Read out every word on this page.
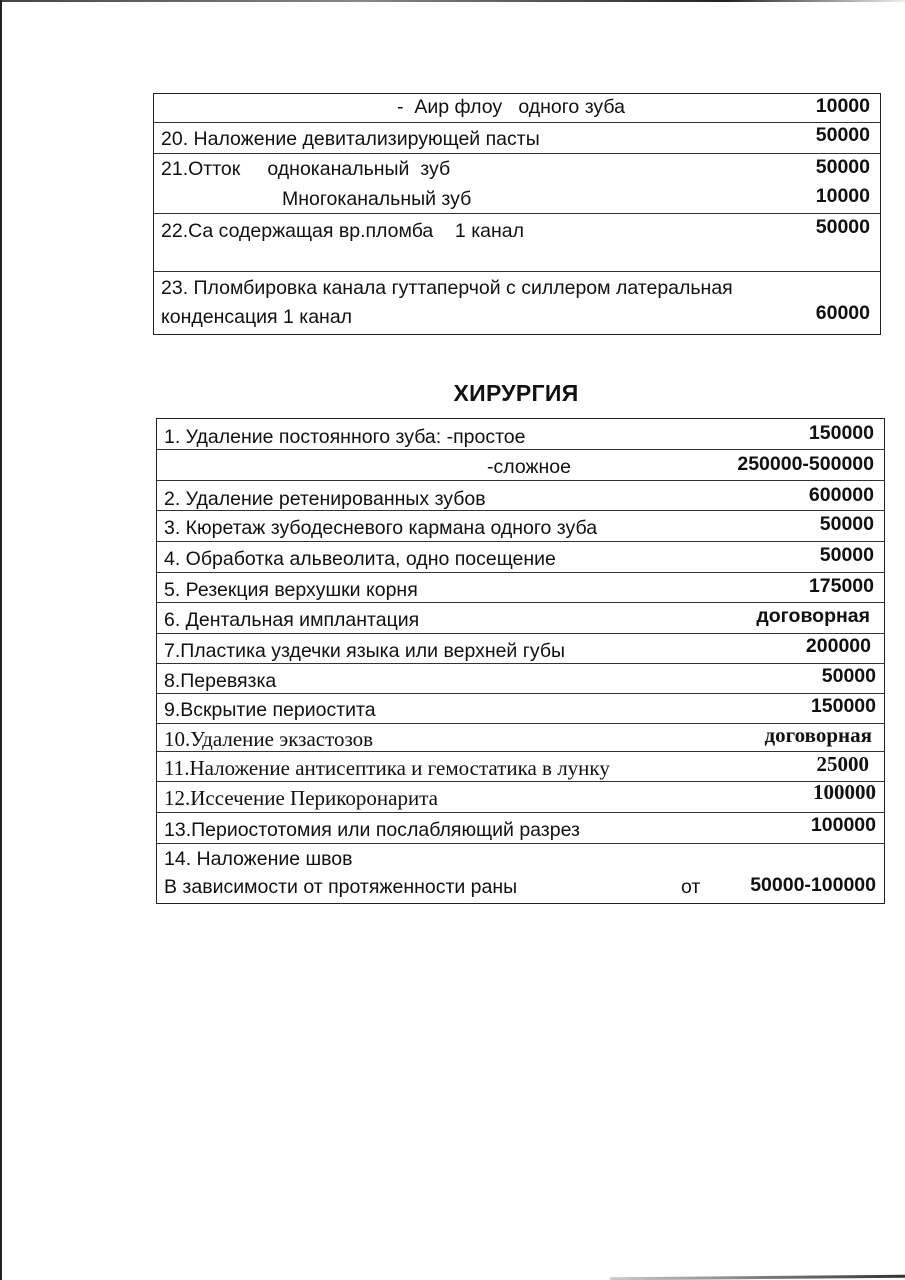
-  Аир флоу   одного зуба	10000
20. Наложение девитализирующей пасты	50000
21.Отток     одноканальный  зуб	50000
Многоканальный зуб	10000
22.Са содержащая вр.пломба    1 канал	50000
23. Пломбировка канала гуттаперчой с силлером латеральная
конденсация 1 канал	60000
ХИРУРГИЯ
1. Удаление постоянного зуба: -простое	150000
-сложное	250000-500000
2. Удаление ретенированных зубов	600000
3. Кюретаж зубодесневого кармана одного зуба	50000
4. Обработка альвеолита, одно посещение	50000
5. Резекция верхушки корня	175000
6. Дентальная имплантация	договорная
7.Пластика уздечки языка или верхней губы	200000
8.Перевязка	50000
9.Вскрытие периостита	150000
10.Удаление экзастозов	договорная
11.Наложение антисептика и гемостатика в лунку	25000
12.Иссечение Перикоронарита	100000
13.Периостотомия или послабляющий разрез	100000
14. Наложение швов
В зависимости от протяженности раны	от	50000-100000
